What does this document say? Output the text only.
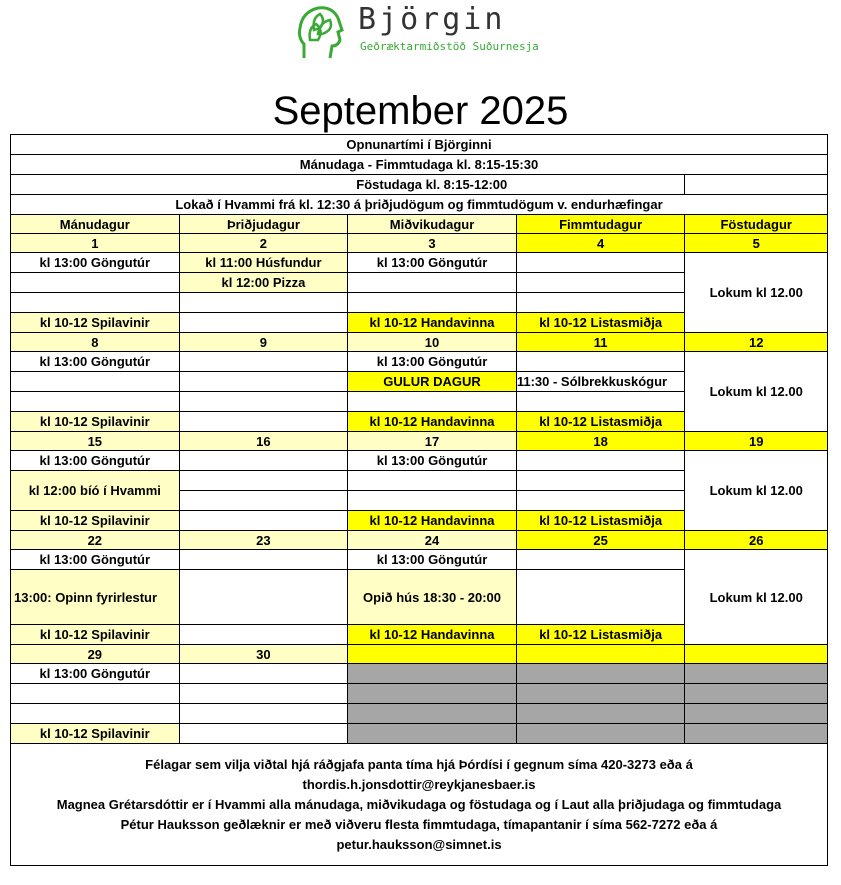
Björgin
Geðræktarmiðstöð Suðurnesja
September 2025
Opnunartími í Björginni				
Mánudaga - Fimmtudaga kl. 8:15-15:30				
	Föstudaga kl. 8:15-12:00			
Lokað í Hvammi frá kl. 12:30 á þriðjudögum og fimmtudögum v. endurhæfingar				
Mánudagur	Þriðjudagur	Miðvikudagur	Fimmtudagur	Föstudagur
1	2	3	4	5
kl 13:00 Göngutúr	kl 11:00 Húsfundur	kl 13:00 Göngutúr		Lokum kl 12.00
	kl 12:00 Pizza			

kl 10-12 Spilavinir		kl 10-12 Handavinna	kl 10-12 Listasmiðja	
8	9	10	11	12
kl 13:00 Göngutúr		kl 13:00 Göngutúr		Lokum kl 12.00
		GULUR DAGUR	11:30 - Sólbrekkuskógur	

kl 10-12 Spilavinir		kl 10-12 Handavinna	kl 10-12 Listasmiðja	
15	16	17	18	19
kl 13:00 Göngutúr		kl 13:00 Göngutúr		Lokum kl 12.00
kl 12:00 bíó í Hvammi				

kl 10-12 Spilavinir		kl 10-12 Handavinna	kl 10-12 Listasmiðja	
22	23	24	25	26
kl 13:00 Göngutúr		kl 13:00 Göngutúr		Lokum kl 12.00
13:00: Opinn fyrirlestur		Opið hús 18:30 - 20:00		
kl 10-12 Spilavinir		kl 10-12 Handavinna	kl 10-12 Listasmiðja	
29	30			
kl 13:00 Göngutúr				

kl 10-12 Spilavinir				
Félagar sem vilja viðtal hjá ráðgjafa panta tíma hjá Þórdísi í gegnum síma 420-3273 eða á
thordis.h.jonsdottir@reykjanesbaer.is
Magnea Grétarsdóttir er í Hvammi alla mánudaga, miðvikudaga og föstudaga og í Laut alla þriðjudaga og fimmtudaga
Pétur Hauksson geðlæknir er með viðveru flesta fimmtudaga, tímapantanir í síma 562-7272 eða á
petur.hauksson@simnet.is
